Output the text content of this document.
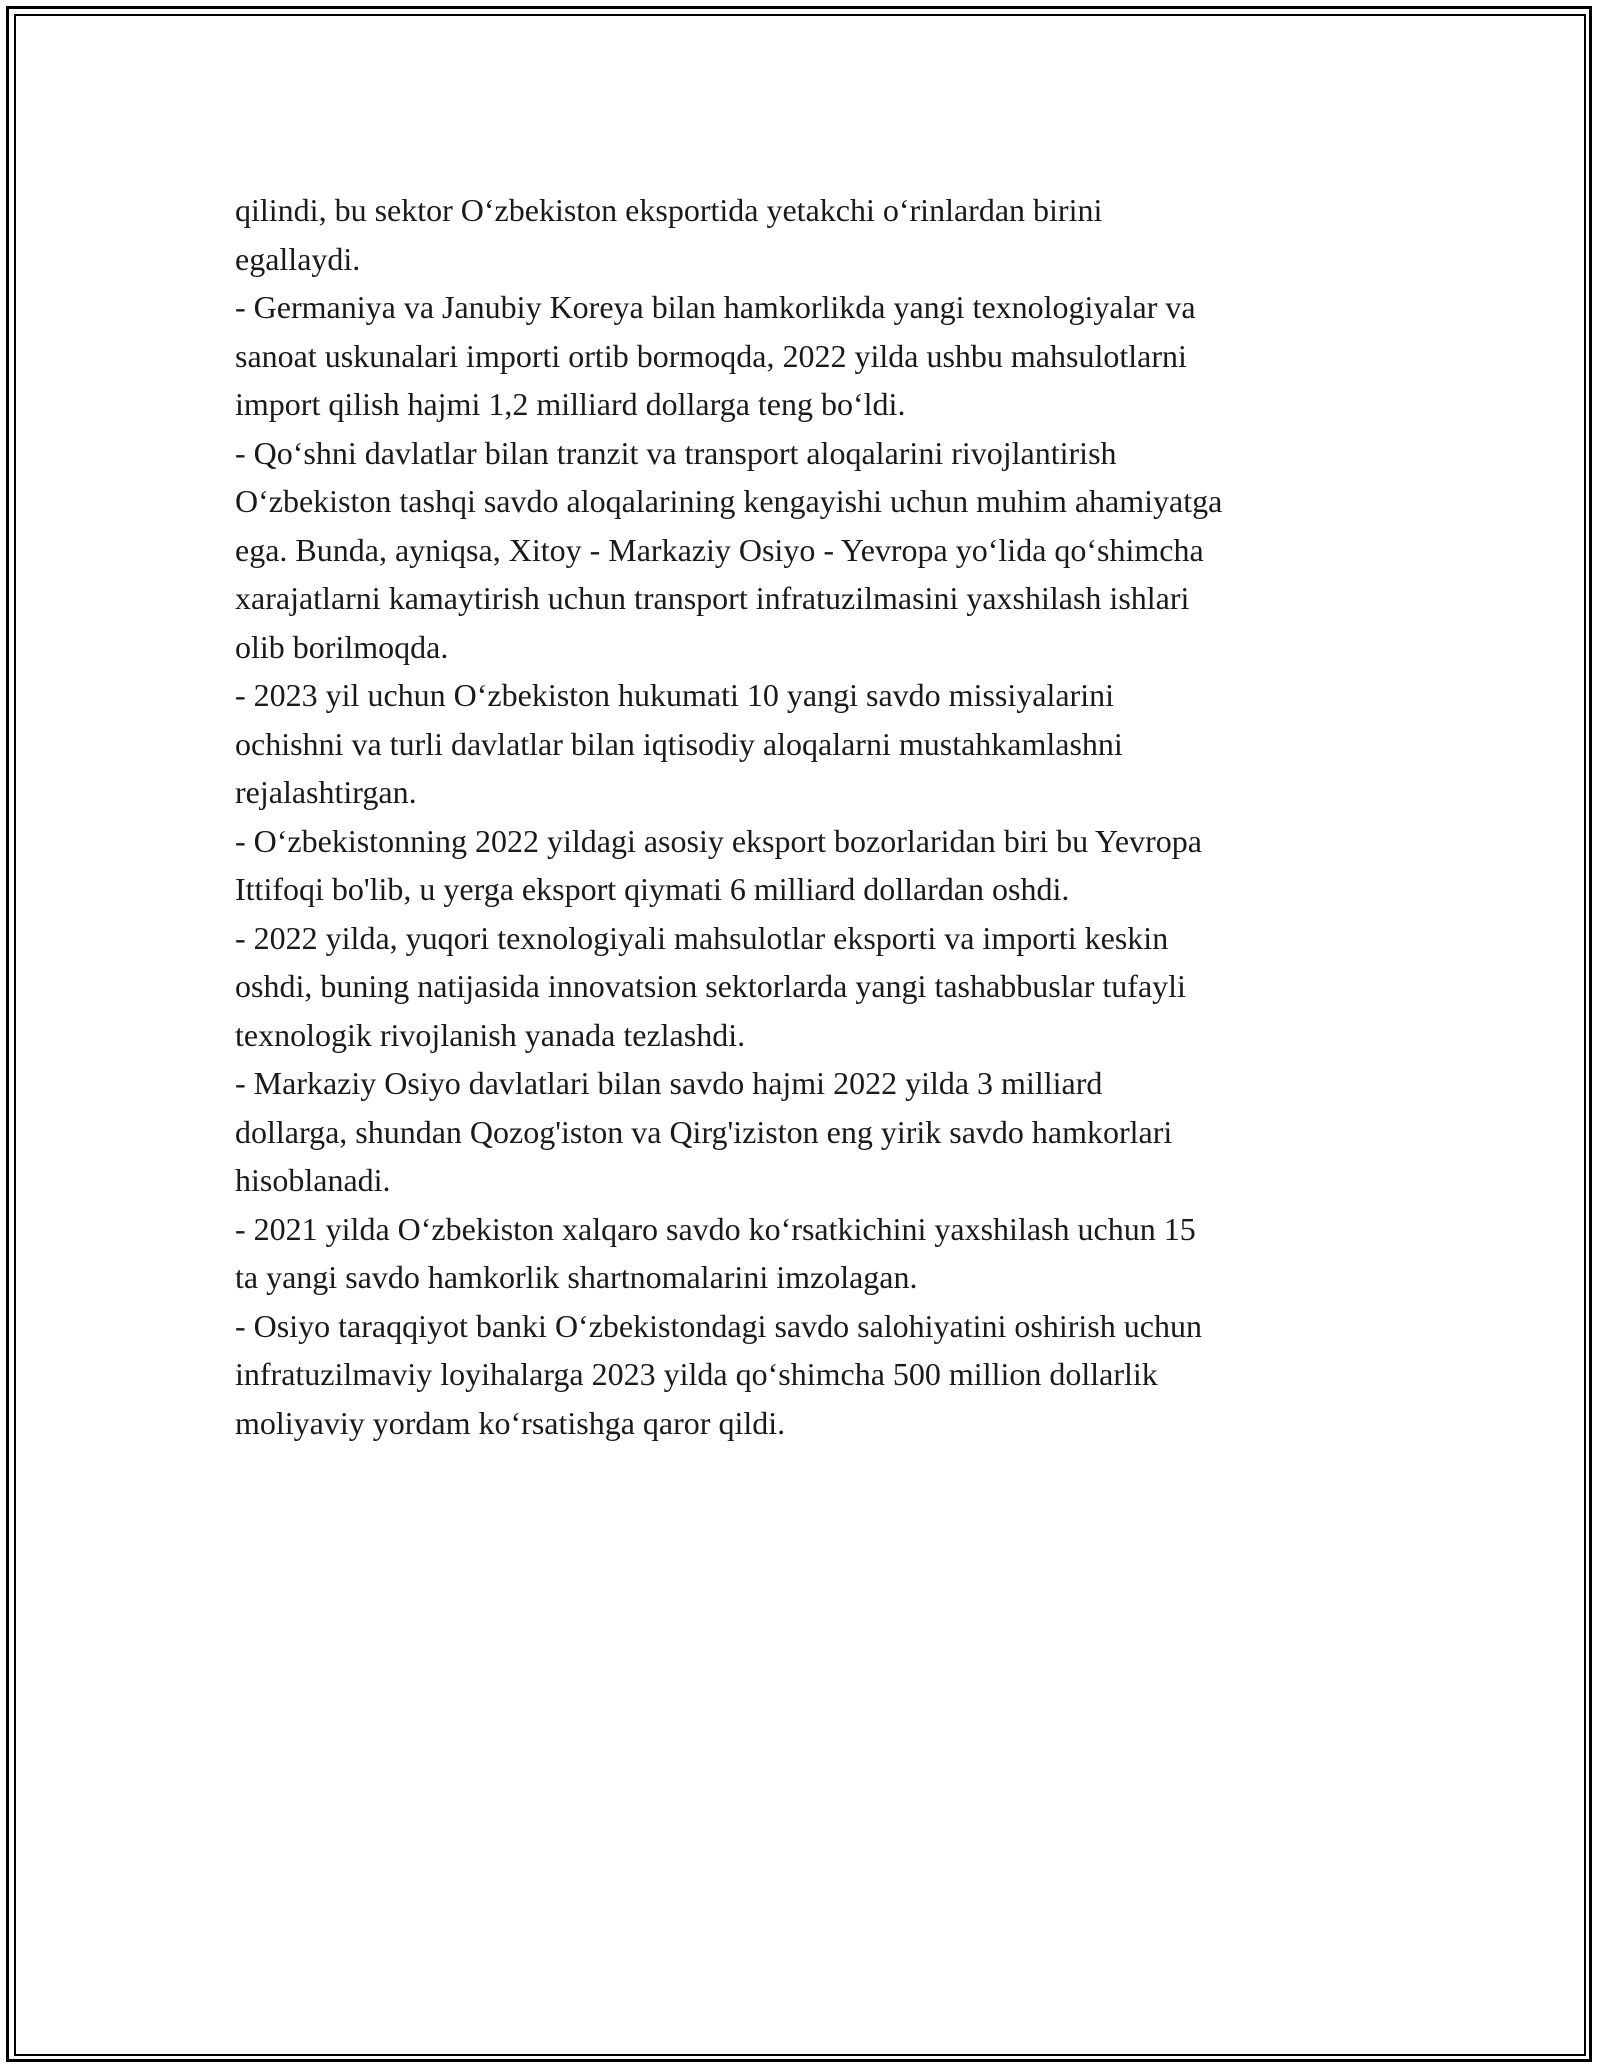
qilindi, bu sektor Oʻzbekiston eksportida yetakchi oʻrinlardan birini
egallaydi.
- Germaniya va Janubiy Koreya bilan hamkorlikda yangi texnologiyalar va
sanoat uskunalari importi ortib bormoqda, 2022 yilda ushbu mahsulotlarni
import qilish hajmi 1,2 milliard dollarga teng boʻldi.
- Qoʻshni davlatlar bilan tranzit va transport aloqalarini rivojlantirish
Oʻzbekiston tashqi savdo aloqalarining kengayishi uchun muhim ahamiyatga
ega. Bunda, ayniqsa, Xitoy - Markaziy Osiyo - Yevropa yoʻlida qoʻshimcha
xarajatlarni kamaytirish uchun transport infratuzilmasini yaxshilash ishlari
olib borilmoqda.
- 2023 yil uchun Oʻzbekiston hukumati 10 yangi savdo missiyalarini
ochishni va turli davlatlar bilan iqtisodiy aloqalarni mustahkamlashni
rejalashtirgan.
- Oʻzbekistonning 2022 yildagi asosiy eksport bozorlaridan biri bu Yevropa
Ittifoqi bo'lib, u yerga eksport qiymati 6 milliard dollardan oshdi.
- 2022 yilda, yuqori texnologiyali mahsulotlar eksporti va importi keskin
oshdi, buning natijasida innovatsion sektorlarda yangi tashabbuslar tufayli
texnologik rivojlanish yanada tezlashdi.
- Markaziy Osiyo davlatlari bilan savdo hajmi 2022 yilda 3 milliard
dollarga, shundan Qozog'iston va Qirg'iziston eng yirik savdo hamkorlari
hisoblanadi.
- 2021 yilda Oʻzbekiston xalqaro savdo koʻrsatkichini yaxshilash uchun 15
ta yangi savdo hamkorlik shartnomalarini imzolagan.
- Osiyo taraqqiyot banki Oʻzbekistondagi savdo salohiyatini oshirish uchun
infratuzilmaviy loyihalarga 2023 yilda qoʻshimcha 500 million dollarlik
moliyaviy yordam koʻrsatishga qaror qildi.
